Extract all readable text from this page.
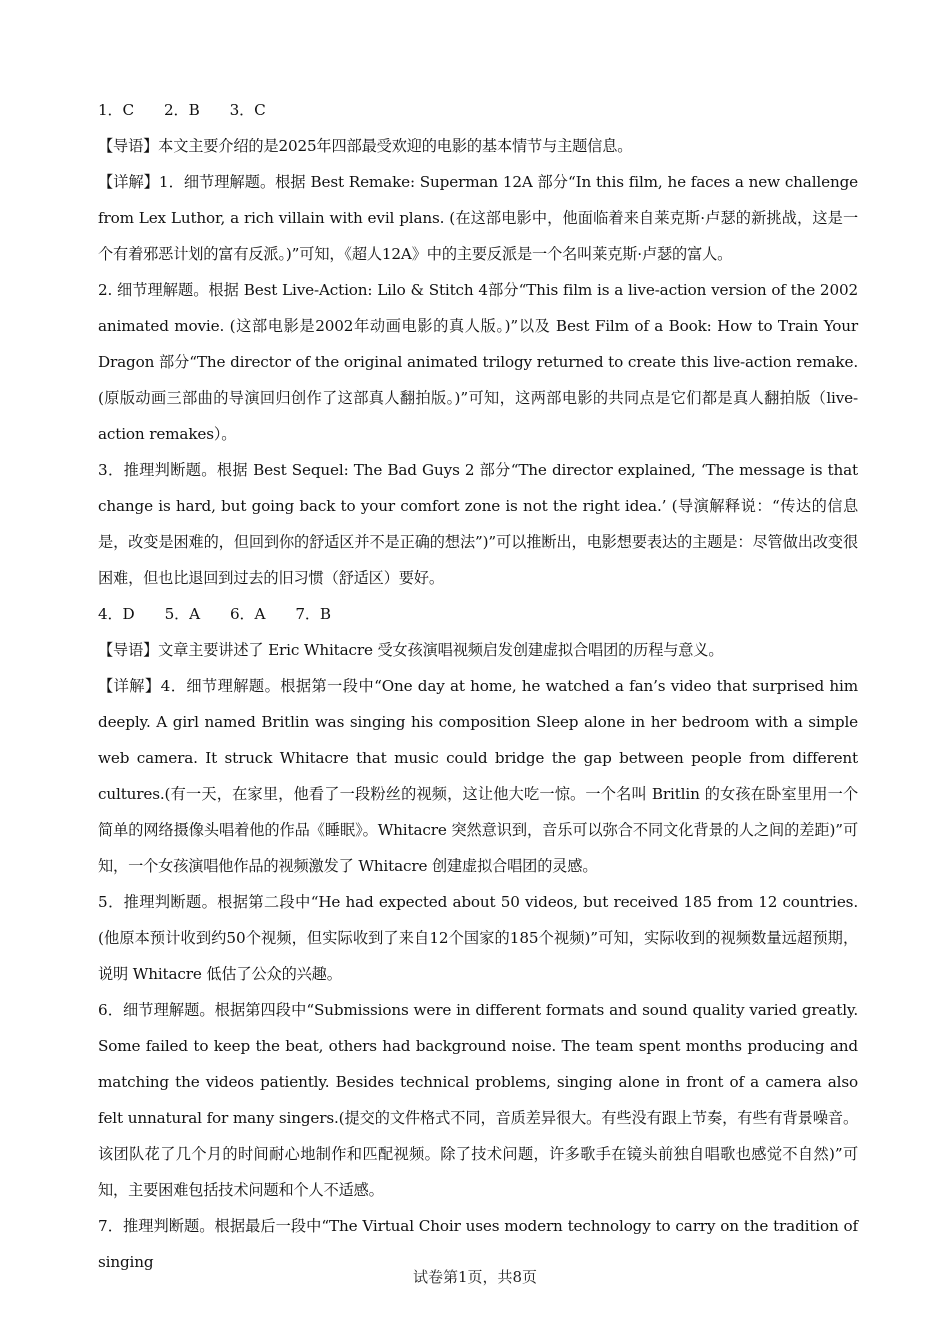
1．C 2．B 3．C

【导语】本文主要介绍的是2025年四部最受欢迎的电影的基本情节与主题信息。

【详解】1．细节理解题。根据 Best Remake: Superman 12A 部分“In this film, he faces a new challenge from Lex Luthor, a rich villain with evil plans. (在这部电影中，他面临着来自莱克斯·卢瑟的新挑战，这是一个有着邪恶计划的富有反派。)”可知，《超人12A》中的主要反派是一个名叫莱克斯·卢瑟的富人。

2. 细节理解题。根据 Best Live-Action: Lilo & Stitch 4部分“This film is a live-action version of the 2002 animated movie. (这部电影是2002年动画电影的真人版。)”以及 Best Film of a Book: How to Train Your Dragon 部分“The director of the original animated trilogy returned to create this live-action remake. (原版动画三部曲的导演回归创作了这部真人翻拍版。)”可知，这两部电影的共同点是它们都是真人翻拍版（live-action remakes）。

3．推理判断题。根据 Best Sequel: The Bad Guys 2 部分“The director explained, ‘The message is that change is hard, but going back to your comfort zone is not the right idea.’ (导演解释说：“传达的信息是，改变是困难的，但回到你的舒适区并不是正确的想法”)”可以推断出，电影想要表达的主题是：尽管做出改变很困难，但也比退回到过去的旧习惯（舒适区）要好。

4．D 5．A 6．A 7．B

【导语】文章主要讲述了 Eric Whitacre 受女孩演唱视频启发创建虚拟合唱团的历程与意义。

【详解】4．细节理解题。根据第一段中“One day at home, he watched a fan’s video that surprised him deeply. A girl named Britlin was singing his composition Sleep alone in her bedroom with a simple web camera. It struck Whitacre that music could bridge the gap between people from different cultures.(有一天，在家里，他看了一段粉丝的视频，这让他大吃一惊。一个名叫 Britlin 的女孩在卧室里用一个简单的网络摄像头唱着他的作品《睡眠》。Whitacre 突然意识到，音乐可以弥合不同文化背景的人之间的差距)”可知，一个女孩演唱他作品的视频激发了 Whitacre 创建虚拟合唱团的灵感。

5．推理判断题。根据第二段中“He had expected about 50 videos, but received 185 from 12 countries.(他原本预计收到约50个视频，但实际收到了来自12个国家的185个视频)”可知，实际收到的视频数量远超预期，说明 Whitacre 低估了公众的兴趣。

6．细节理解题。根据第四段中“Submissions were in different formats and sound quality varied greatly. Some failed to keep the beat, others had background noise. The team spent months producing and matching the videos patiently. Besides technical problems, singing alone in front of a camera also felt unnatural for many singers.(提交的文件格式不同，音质差异很大。有些没有跟上节奏，有些有背景噪音。该团队花了几个月的时间耐心地制作和匹配视频。除了技术问题，许多歌手在镜头前独自唱歌也感觉不自然)”可知，主要困难包括技术问题和个人不适感。

7．推理判断题。根据最后一段中“The Virtual Choir uses modern technology to carry on the tradition of singing

试卷第1页，共8页
